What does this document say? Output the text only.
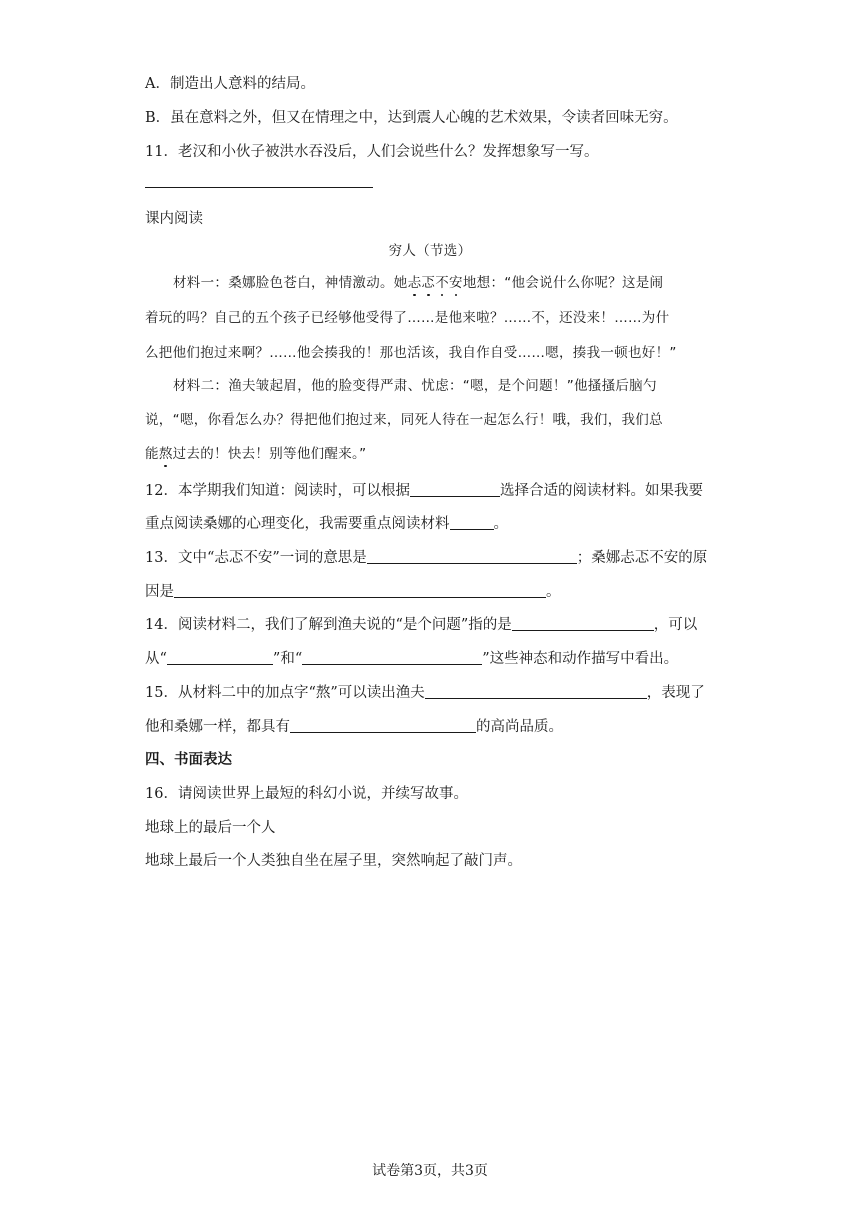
A．制造出人意料的结局。
B．虽在意料之外，但又在情理之中，达到震人心魄的艺术效果，令读者回味无穷。
11．老汉和小伙子被洪水吞没后，人们会说些什么？发挥想象写一写。
课内阅读
穷人（节选）
材料一：桑娜脸色苍白，神情激动。她忐忑不安地想：“他会说什么你呢？这是闹
着玩的吗？自己的五个孩子已经够他受得了……是他来啦？……不，还没来！……为什
么把他们抱过来啊？……他会揍我的！那也活该，我自作自受……嗯，揍我一顿也好！”
材料二：渔夫皱起眉，他的脸变得严肃、忧虑：“嗯，是个问题！”他搔搔后脑勺
说，“嗯，你看怎么办？得把他们抱过来，同死人待在一起怎么行！哦，我们，我们总
能熬过去的！快去！别等他们醒来。”
12．本学期我们知道：阅读时，可以根据	选择合适的阅读材料。如果我要
重点阅读桑娜的心理变化，我需要重点阅读材料	。
13．文中“忐忑不安”一词的意思是	；桑娜忐忑不安的原
因是	。
14．阅读材料二，我们了解到渔夫说的“是个问题”指的是	，可以
从“	”和“	”这些神态和动作描写中看出。
15．从材料二中的加点字“熬”可以读出渔夫	，表现了
他和桑娜一样，都具有	的高尚品质。
四、书面表达
16．请阅读世界上最短的科幻小说，并续写故事。
地球上的最后一个人
地球上最后一个人类独自坐在屋子里，突然响起了敲门声。
试卷第3页，共3页
